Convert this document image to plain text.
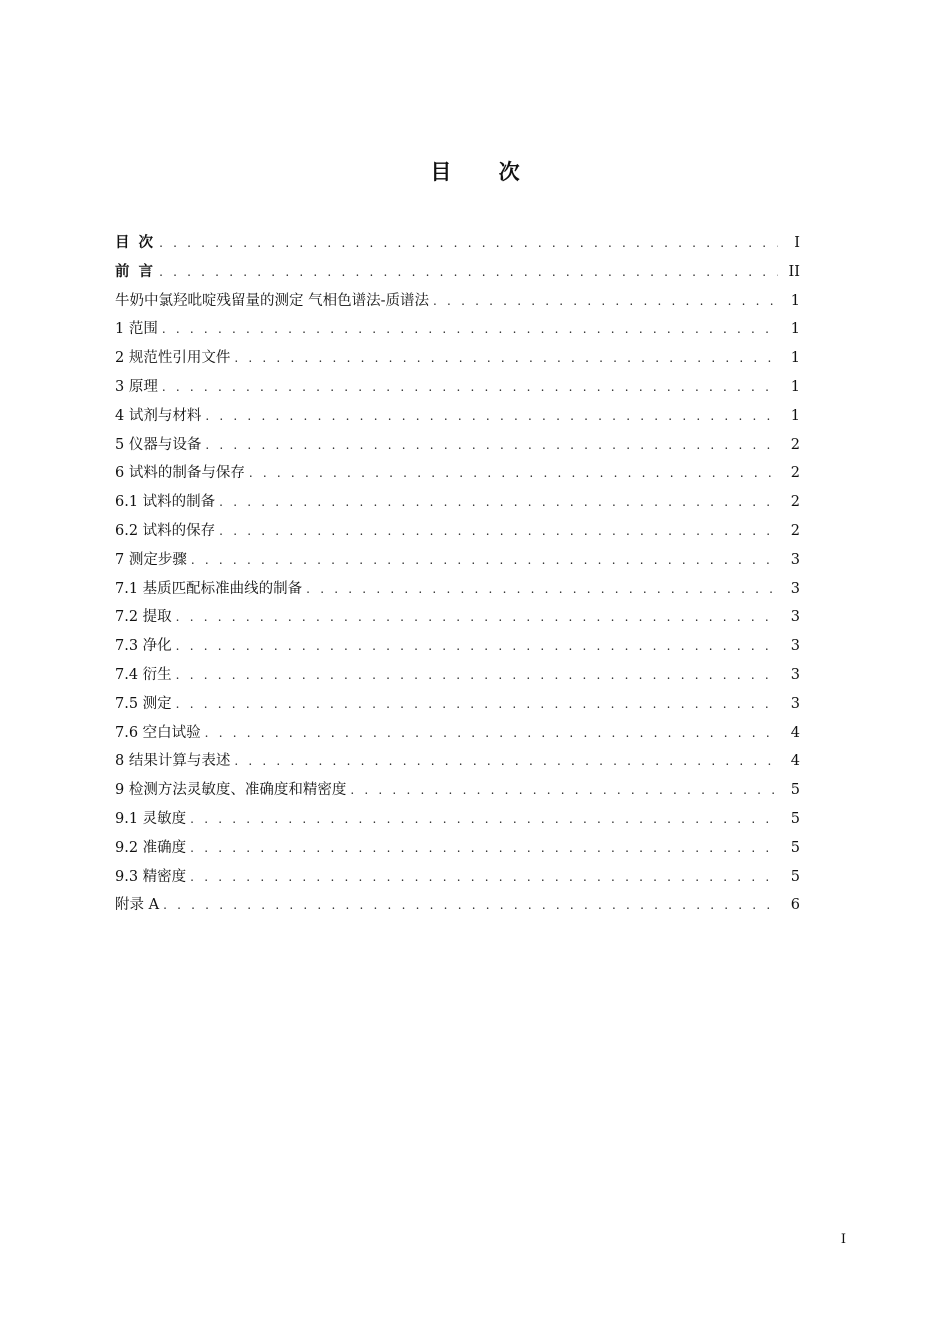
目 次
目 次 . . .	I
前 言 . . .	II
牛奶中氯羟吡啶残留量的测定 气相色谱法-质谱法 . . .	1
1 范围 . . .	1
2 规范性引用文件 . . .	1
3 原理 . . .	1
4 试剂与材料 . . .	1
5 仪器与设备 . . .	2
6 试料的制备与保存 . . .	2
6.1 试料的制备 . . .	2
6.2 试料的保存 . . .	2
7 测定步骤 . . .	3
7.1 基质匹配标准曲线的制备 . . .	3
7.2 提取 . . .	3
7.3 净化 . . .	3
7.4 衍生 . . .	3
7.5 测定 . . .	3
7.6 空白试验 . . .	4
8 结果计算与表述 . . .	4
9 检测方法灵敏度、准确度和精密度 . . .	5
9.1 灵敏度 . . .	5
9.2 准确度 . . .	5
9.3 精密度 . . .	5
附录 A . . .	6
I
